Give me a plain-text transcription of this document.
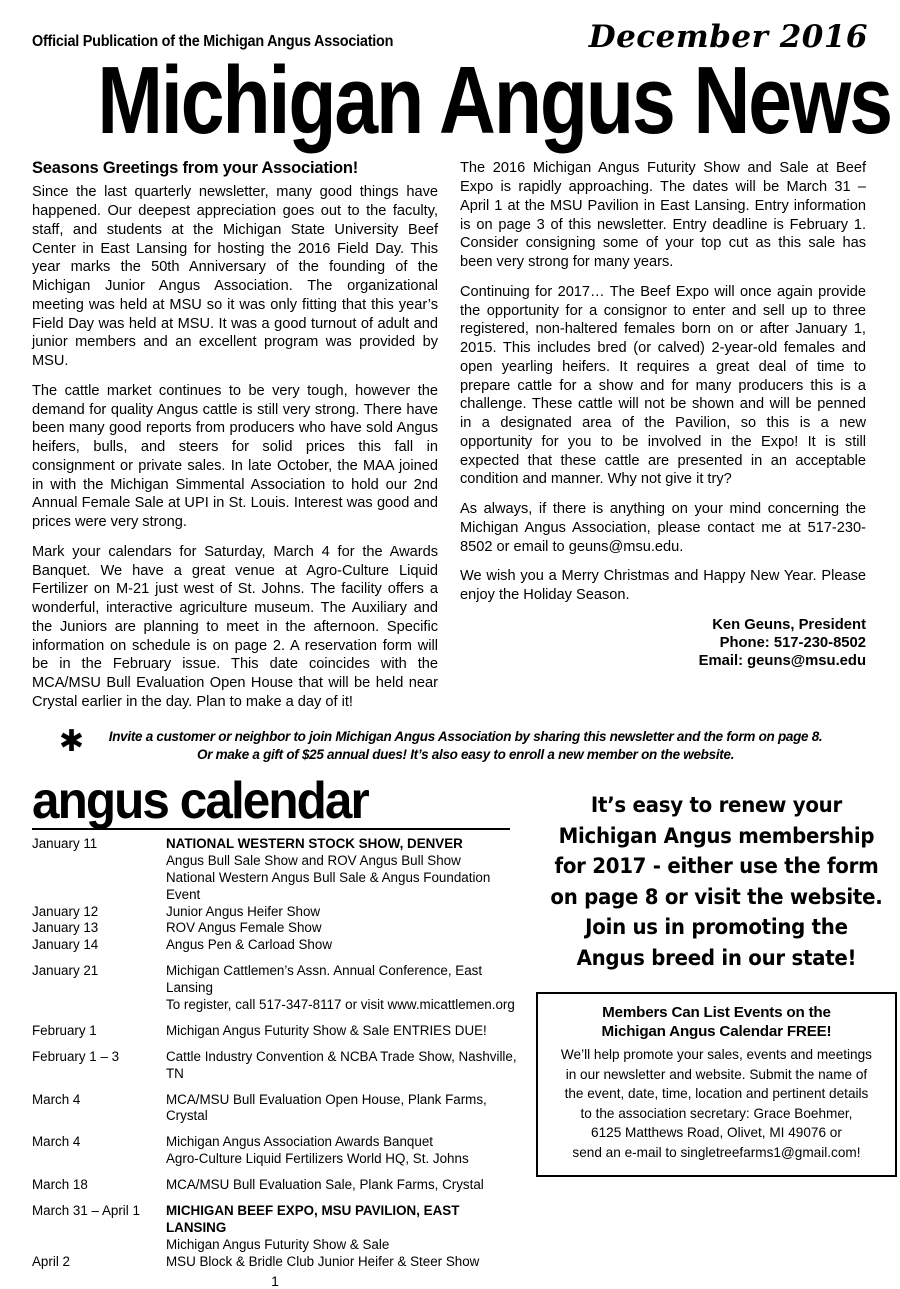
Official Publication of the Michigan Angus Association	December 2016
Michigan Angus News
Seasons Greetings from your Association!

Since the last quarterly newsletter, many good things have happened. Our deepest appreciation goes out to the faculty, staff, and students at the Michigan State University Beef Center in East Lansing for hosting the 2016 Field Day. This year marks the 50th Anniversary of the founding of the Michigan Junior Angus Association. The organizational meeting was held at MSU so it was only fitting that this year’s Field Day was held at MSU. It was a good turnout of adult and junior members and an excellent program was provided by MSU.

The cattle market continues to be very tough, however the demand for quality Angus cattle is still very strong. There have been many good reports from producers who have sold Angus heifers, bulls, and steers for solid prices this fall in consignment or private sales. In late October, the MAA joined in with the Michigan Simmental Association to hold our 2nd Annual Female Sale at UPI in St. Louis. Interest was good and prices were very strong.

Mark your calendars for Saturday, March 4 for the Awards Banquet. We have a great venue at Agro-Culture Liquid Fertilizer on M-21 just west of St. Johns. The facility offers a wonderful, interactive agriculture museum. The Auxiliary and the Juniors are planning to meet in the afternoon. Specific information on schedule is on page 2. A reservation form will be in the February issue. This date coincides with the MCA/MSU Bull Evaluation Open House that will be held near Crystal earlier in the day. Plan to make a day of it!

The 2016 Michigan Angus Futurity Show and Sale at Beef Expo is rapidly approaching. The dates will be March 31 – April 1 at the MSU Pavilion in East Lansing. Entry information is on page 3 of this newsletter. Entry deadline is February 1. Consider consigning some of your top cut as this sale has been very strong for many years.

Continuing for 2017… The Beef Expo will once again provide the opportunity for a consignor to enter and sell up to three registered, non-haltered females born on or after January 1, 2015. This includes bred (or calved) 2-year-old females and open yearling heifers. It requires a great deal of time to prepare cattle for a show and for many producers this is a challenge. These cattle will not be shown and will be penned in a designated area of the Pavilion, so this is a new opportunity for you to be involved in the Expo! It is still expected that these cattle are presented in an acceptable condition and manner. Why not give it try?

As always, if there is anything on your mind concerning the Michigan Angus Association, please contact me at 517-230-8502 or email to geuns@msu.edu.

We wish you a Merry Christmas and Happy New Year. Please enjoy the Holiday Season.

Ken Geuns, President
Phone: 517-230-8502
Email: geuns@msu.edu
✱ Invite a customer or neighbor to join Michigan Angus Association by sharing this newsletter and the form on page 8.
Or make a gift of $25 annual dues! It’s also easy to enroll a new member on the website.
angus calendar
January 11	NATIONAL WESTERN STOCK SHOW, DENVER
Angus Bull Sale Show and ROV Angus Bull Show
National Western Angus Bull Sale & Angus Foundation Event

January 12	Junior Angus Heifer Show

January 13	ROV Angus Female Show

January 14	Angus Pen & Carload Show

January 21	Michigan Cattlemen’s Assn. Annual Conference, East Lansing
To register, call 517-347-8117 or visit www.micattlemen.org

February 1	Michigan Angus Futurity Show & Sale ENTRIES DUE!

February 1 – 3	Cattle Industry Convention & NCBA Trade Show, Nashville, TN

March 4	MCA/MSU Bull Evaluation Open House, Plank Farms, Crystal

March 4	Michigan Angus Association Awards Banquet
Agro-Culture Liquid Fertilizers World HQ, St. Johns

March 18	MCA/MSU Bull Evaluation Sale, Plank Farms, Crystal

March 31 – April 1	MICHIGAN BEEF EXPO, MSU PAVILION, EAST LANSING
Michigan Angus Futurity Show & Sale

April 2	MSU Block & Bridle Club Junior Heifer & Steer Show
1
It’s easy to renew your
Michigan Angus membership
for 2017 - either use the form
on page 8 or visit the website.
Join us in promoting the
Angus breed in our state!
Members Can List Events on the
Michigan Angus Calendar FREE!
We’ll help promote your sales, events and meetings
in our newsletter and website. Submit the name of
the event, date, time, location and pertinent details
to the association secretary: Grace Boehmer,
6125 Matthews Road, Olivet, MI 49076 or
send an e-mail to singletreefarms1@gmail.com!
